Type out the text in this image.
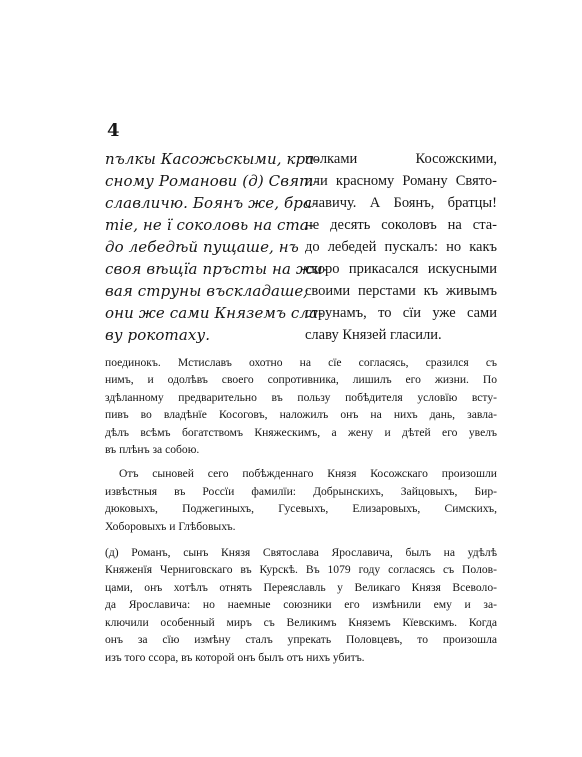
4
пълкы Касожьскыми, кра-
сному Романови (д) Свят-
славличю. Боянъ же, бра-
тіе, не ї соколовь на ста-
до лебедѣй пущаше, нъ
своя вѣщїа пръсты на жи-
вая струны въскладаше;
они же сами Княземъ сла-
ву рокотаху.
полками Косожскими,
или красному Роману Свято-
славичу. А Боянъ, братцы!
не десять соколовъ на ста-
до лебедей пускалъ: но какъ
скоро прикасался искусными
своими перстами къ живымъ
струнамъ, то сїи уже сами
славу Князей гласили.
поединокъ. Мстиславъ охотно на сїе согласясь, сразился съ
нимъ, и одолѣвъ своего сопротивника, лишилъ его жизни. По
здѣланному предварительно въ пользу побѣдителя условїю всту-
пивъ во владѣнїе Косоговъ, наложилъ онъ на нихъ дань, завла-
дѣлъ всѣмъ богатствомъ Княжескимъ, а жену и дѣтей его увелъ
въ плѣнъ за собою.
Отъ сыновей сего побѣжденнаго Князя Косожскаго произошли
извѣстныя въ Россїи фамилїи: Добрынскихъ, Зайцовыхъ, Бир-
дюковыхъ, Поджегиныхъ, Гусевыхъ, Елизаровыхъ, Симскихъ,
Хоборовыхъ и Глѣбовыхъ.
(д) Романъ, сынъ Князя Святослава Ярославича, былъ на удѣлѣ
Княженїя Черниговскаго въ Курскѣ. Въ 1079 году согласясь съ Полов-
цами, онъ хотѣлъ отнять Переяславль у Великаго Князя Всеволо-
да Ярославича: но наемные союзники его измѣнили ему и за-
ключили особенный миръ съ Великимъ Княземъ Кїевскимъ. Когда
онъ за сїю измѣну сталъ упрекать Половцевъ, то произошла
изъ того ссора, въ которой онъ былъ отъ нихъ убитъ.
